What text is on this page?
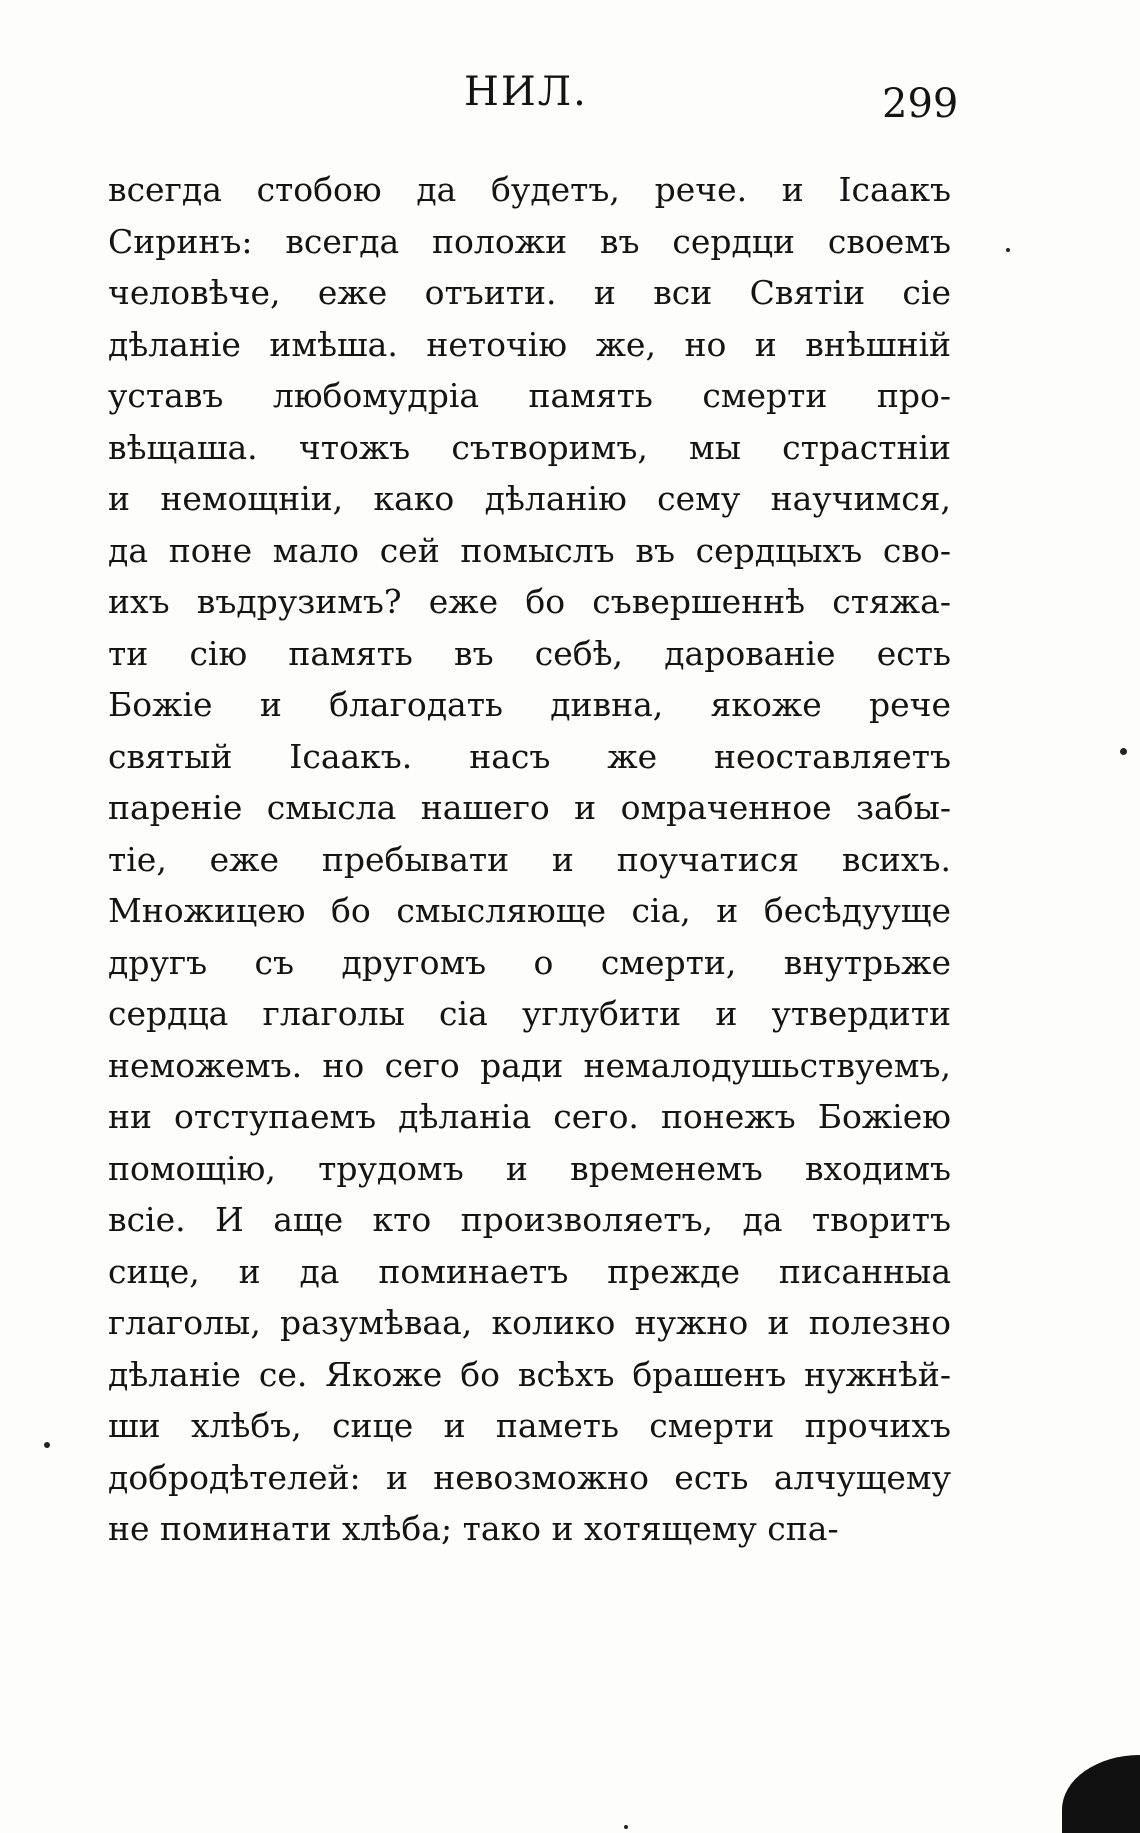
НИЛ.	299
всегда стобою да будетъ, рече. и Ісаакъ
Сиринъ: всегда положи въ сердци своемъ
человѣче, еже отъити. и вси Святіи сіе
дѣланіе имѣша. неточію же, но и внѣшній
уставъ любомудріа память смерти про-
вѣщаша. чтожъ сътворимъ, мы страстніи
и немощніи, како дѣланію сему научимся,
да поне мало сей помыслъ въ сердцыхъ сво-
ихъ въдрузимъ? еже бо съвершеннѣ стяжа-
ти сію память въ себѣ, дарованіе есть
Божіе и благодать дивна, якоже рече
святый Ісаакъ. насъ же неоставляетъ
пареніе смысла нашего и омраченное забы-
тіе, еже пребывати и поучатися всихъ.
Множицею бо смысляюще сіа, и бесѣдууще
другъ съ другомъ о смерти, внутрьже
сердца глаголы сіа углубити и утвердити
неможемъ. но сего ради немалодушьствуемъ,
ни отступаемъ дѣланіа сего. понежъ Божіею
помощію, трудомъ и временемъ входимъ
всіе. И аще кто произволяетъ, да творитъ
сице, и да поминаетъ прежде писанныа
глаголы, разумѣваа, колико нужно и полезно
дѣланіе се. Якоже бо всѣхъ брашенъ нужнѣй-
ши хлѣбъ, сице и паметь смерти прочихъ
добродѣтелей: и невозможно есть алчущему
не поминати хлѣба; тако и хотящему спа-
